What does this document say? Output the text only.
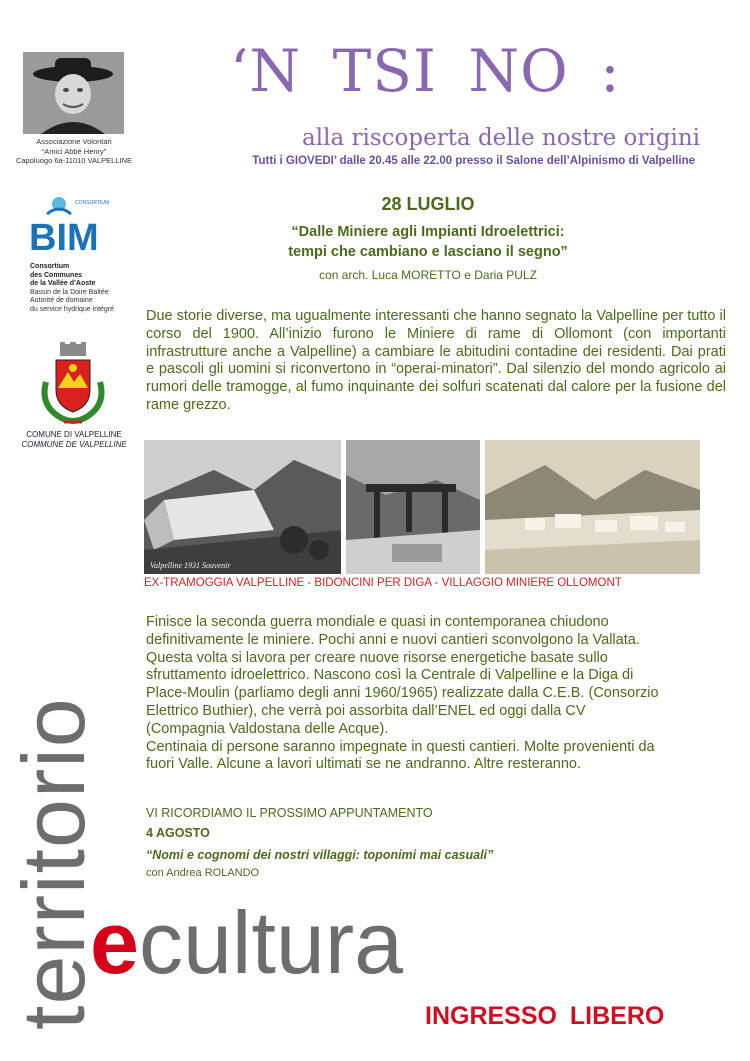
Associazione Volontari
“Amici Abbé Henry”
Capoluogo 6a-11010 VALPELLINE
CONSORTIUM
BIM
Consortium
des Communes
de la Vallée d’Aoste
Bassin de la Doire Baltée
Autorité de domaine
du service hydrique intégré
COMUNE DI VALPELLINE
COMMUNE DE VALPELLINE
‘N TSI NO :
alla riscoperta delle nostre origini
Tutti i GIOVEDI’ dalle 20.45 alle 22.00 presso il Salone dell’Alpinismo di Valpelline
28 LUGLIO
“Dalle Miniere agli Impianti Idroelettrici:
tempi che cambiano e lasciano il segno”
con arch. Luca MORETTO e Daria PULZ
Due storie diverse, ma ugualmente interessanti che hanno segnato la Valpelline per tutto il corso del 1900. All’inizio furono le Miniere di rame di Ollomont (con importanti infrastrutture anche a Valpelline) a cambiare le abitudini contadine dei residenti. Dai prati e pascoli gli uomini si riconvertono in “operai-minatori”. Dal silenzio del mondo agricolo ai rumori delle tramogge, al fumo inquinante dei solfuri scatenati dal calore per la fusione del rame grezzo.
Valpelline 1931 Souvenir
EX-TRAMOGGIA VALPELLINE - BIDONCINI PER DIGA - VILLAGGIO MINIERE OLLOMONT
Finisce la seconda guerra mondiale e quasi in contemporanea chiudono
definitivamente le miniere. Pochi anni e nuovi cantieri sconvolgono la Vallata.
Questa volta si lavora per creare nuove risorse energetiche basate sullo
sfruttamento idroelettrico. Nascono così la Centrale di Valpelline e la Diga di
Place-Moulin (parliamo degli anni 1960/1965) realizzate dalla C.E.B. (Consorzio
Elettrico Buthier), che verrà poi assorbita dall’ENEL ed oggi dalla CV
(Compagnia Valdostana delle Acque).
Centinaia di persone saranno impegnate in questi cantieri. Molte provenienti da
fuori Valle. Alcune a lavori ultimati se ne andranno. Altre resteranno.
VI RICORDIAMO IL PROSSIMO APPUNTAMENTO
4 AGOSTO
“Nomi e cognomi dei nostri villaggi: toponimi mai casuali”
con Andrea ROLANDO
territorio
ecultura
INGRESSO LIBERO
